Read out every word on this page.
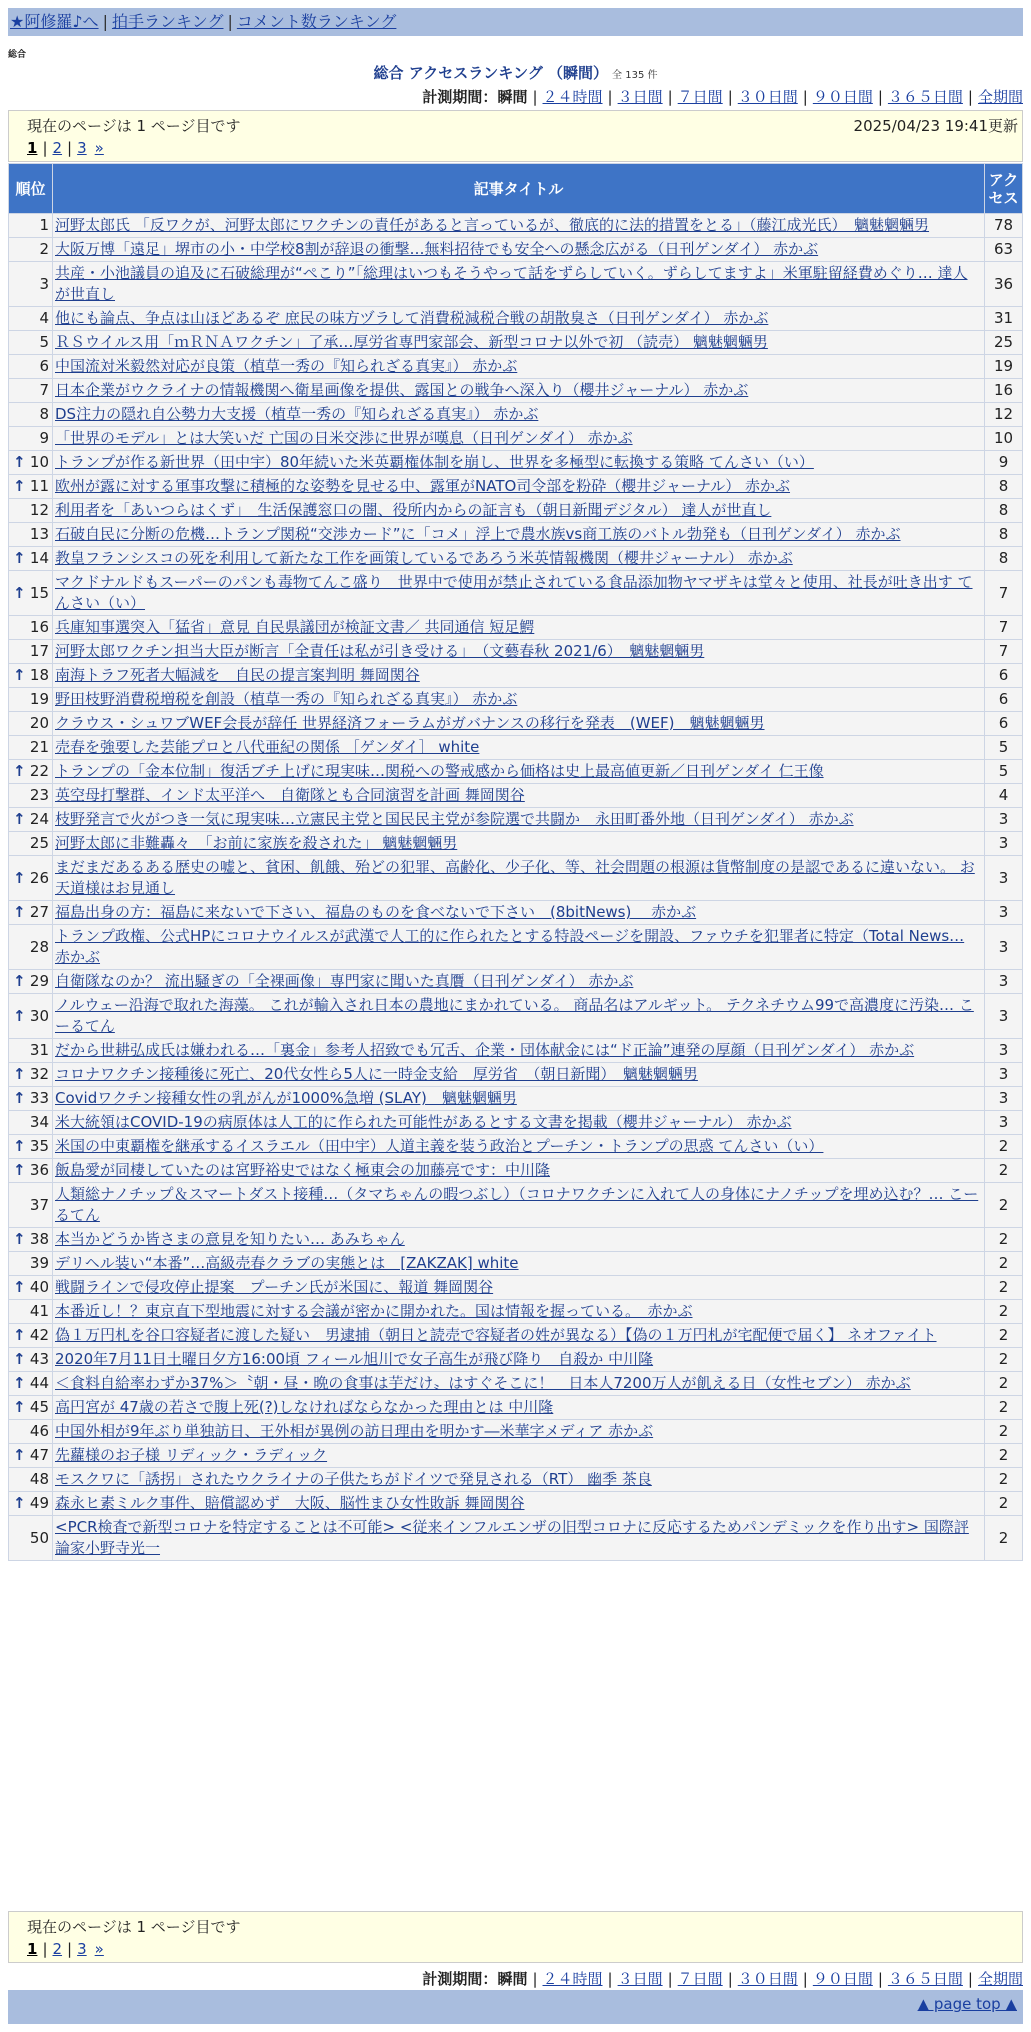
★阿修羅♪へ | 拍手ランキング | コメント数ランキング
総合
総合 アクセスランキング （瞬間） 全 135 件
計測期間：瞬間 | ２４時間 | ３日間 | ７日間 | ３０日間 | ９０日間 | ３６５日間 | 全期間
現在のページは 1 ページ目です	2025/04/23 19:41更新
1 | 2 | 3 »
順位	記事タイトル	アクセス
1	河野太郎氏 「反ワクが、河野太郎にワクチンの責任があると言っているが、徹底的に法的措置をとる」（藤江成光氏）　魑魅魍魎男	78
2	大阪万博「遠足」堺市の小・中学校8割が辞退の衝撃…無料招待でも安全への懸念広がる（日刊ゲンダイ） 赤かぶ	63
3	共産・小池議員の追及に石破総理が“ぺこり”「総理はいつもそうやって話をずらしていく。ずらしてますよ」米軍駐留経費めぐり… 達人が世直し	36
4	他にも論点、争点は山ほどあるぞ 庶民の味方ヅラして消費税減税合戦の胡散臭さ（日刊ゲンダイ） 赤かぶ	31
5	ＲＳウイルス用「ｍＲＮＡワクチン」了承…厚労省専門家部会、新型コロナ以外で初 （読売） 魑魅魍魎男	25
6	中国流対米毅然対応が良策（植草一秀の『知られざる真実』） 赤かぶ	19
7	日本企業がウクライナの情報機関へ衛星画像を提供、露国との戦争へ深入り（櫻井ジャーナル） 赤かぶ	16
8	DS注力の隠れ自公勢力大支援（植草一秀の『知られざる真実』） 赤かぶ	12
9	「世界のモデル」とは大笑いだ 亡国の日米交渉に世界が嘆息（日刊ゲンダイ） 赤かぶ	10

↑ 10	トランプが作る新世界（田中宇）80年続いた米英覇権体制を崩し、世界を多極型に転換する策略 てんさい（い）	9

↑ 11	欧州が露に対する軍事攻撃に積極的な姿勢を見せる中、露軍がNATO司令部を粉砕（櫻井ジャーナル） 赤かぶ	8
12	利用者を「あいつらはくず」　生活保護窓口の闇、役所内からの証言も（朝日新聞デジタル） 達人が世直し	8
13	石破自民に分断の危機…トランプ関税“交渉カード”に「コメ」浮上で農水族vs商工族のバトル勃発も（日刊ゲンダイ） 赤かぶ	8

↑ 14	教皇フランシスコの死を利用して新たな工作を画策しているであろう米英情報機関（櫻井ジャーナル） 赤かぶ	8

↑ 15	マクドナルドもスーパーのパンも毒物てんこ盛り　世界中で使用が禁止されている食品添加物ヤマザキは堂々と使用、社長が吐き出す てんさい（い）	7
16	兵庫知事選突入「猛省」意見 自民県議団が検証文書／ 共同通信 短足鰐	7
17	河野太郎ワクチン担当大臣が断言「全責任は私が引き受ける」　（文藝春秋 2021/6）　魑魅魍魎男	7

↑ 18	南海トラフ死者大幅減を　自民の提言案判明 舞岡関谷	6
19	野田枝野消費税増税を創設（植草一秀の『知られざる真実』） 赤かぶ	6
20	クラウス・シュワブWEF会長が辞任 世界経済フォーラムがガバナンスの移行を発表　(WEF)　魑魅魍魎男	6
21	売春を強要した芸能プロと八代亜紀の関係 ［ゲンダイ］ white	5

↑ 22	トランプの「金本位制」復活ブチ上げに現実味…関税への警戒感から価格は史上最高値更新／日刊ゲンダイ 仁王像	5
23	英空母打撃群、インド太平洋へ　自衛隊とも合同演習を計画 舞岡関谷	4

↑ 24	枝野発言で火がつき一気に現実味…立憲民主党と国民民主党が参院選で共闘か　永田町番外地（日刊ゲンダイ） 赤かぶ	3
25	河野太郎に非難轟々　「お前に家族を殺された」 魑魅魍魎男	3

↑ 26	まだまだあるある歴史の嘘と、貧困、飢餓、殆どの犯罪、高齢化、少子化、等、社会問題の根源は貨幣制度の是認であるに違いない。 お天道様はお見通し	3

↑ 27	福島出身の方：福島に来ないで下さい、福島のものを食べないで下さい　(8bitNews)　 赤かぶ	3
28	トランプ政権、公式HPにコロナウイルスが武漢で人工的に作られたとする特設ページを開設、ファウチを犯罪者に特定（Total News… 赤かぶ	3

↑ 29	自衛隊なのか？ 流出騒ぎの「全裸画像」専門家に聞いた真贋（日刊ゲンダイ） 赤かぶ	3

↑ 30	ノルウェー沿海で取れた海藻。 これが輸入され日本の農地にまかれている。 商品名はアルギット。 テクネチウム99で高濃度に汚染… こーるてん	3
31	だから世耕弘成氏は嫌われる…「裏金」参考人招致でも冗舌、企業・団体献金には“ド正論”連発の厚顔（日刊ゲンダイ） 赤かぶ	3

↑ 32	コロナワクチン接種後に死亡、20代女性ら5人に一時金支給　厚労省　（朝日新聞）　魑魅魍魎男	3

↑ 33	Covidワクチン接種女性の乳がんが1000%急増 (SLAY)　魑魅魍魎男	3
34	米大統領はCOVID-19の病原体は人工的に作られた可能性があるとする文書を掲載（櫻井ジャーナル） 赤かぶ	3

↑ 35	米国の中東覇権を継承するイスラエル（田中宇）人道主義を装う政治とプーチン・トランプの思惑 てんさい（い）	2

↑ 36	飯島愛が同棲していたのは宮野裕史ではなく極東会の加藤亮です：中川隆	2
37	人類総ナノチップ＆スマートダスト接種…（タマちゃんの暇つぶし）（コロナワクチンに入れて人の身体にナノチップを埋め込む？… こーるてん	2

↑ 38	本当かどうか皆さまの意見を知りたい… あみちゃん	2
39	デリヘル装い“本番”…高級売春クラブの実態とは　[ZAKZAK] white	2

↑ 40	戦闘ラインで侵攻停止提案　プーチン氏が米国に、報道 舞岡関谷	2
41	本番近し！？東京直下型地震に対する会議が密かに開かれた。国は情報を握っている。　赤かぶ	2

↑ 42	偽１万円札を谷口容疑者に渡した疑い　男逮捕（朝日と読売で容疑者の姓が異なる）【偽の１万円札が宅配便で届く】 ネオファイト	2

↑ 43	2020年7月11日土曜日夕方16:00頃 フィール旭川で女子高生が飛び降り　自殺か 中川隆	2

↑ 44	＜食料自給率わずか37%＞〝朝・昼・晩の食事は芋だけ〟はすぐそこに！　日本人7200万人が飢える日（女性セブン） 赤かぶ	2

↑ 45	高円宮が 47歳の若さで腹上死(?)しなければならなかった理由とは 中川隆	2
46	中国外相が9年ぶり単独訪日、王外相が異例の訪日理由を明かす―米華字メディア 赤かぶ	2

↑ 47	先蘿様のお子様 リディック・ラディック	2
48	モスクワに「誘拐」されたウクライナの子供たちがドイツで発見される（RT） 幽季 茶良	2

↑ 49	森永ヒ素ミルク事件、賠償認めず　大阪、脳性まひ女性敗訴 舞岡関谷	2
50	<PCR検査で新型コロナを特定することは不可能> <従来インフルエンザの旧型コロナに反応するためパンデミックを作り出す> 国際評論家小野寺光一	2
現在のページは 1 ページ目です
1 | 2 | 3 »
計測期間：瞬間 | ２４時間 | ３日間 | ７日間 | ３０日間 | ９０日間 | ３６５日間 | 全期間
▲ page top ▲
